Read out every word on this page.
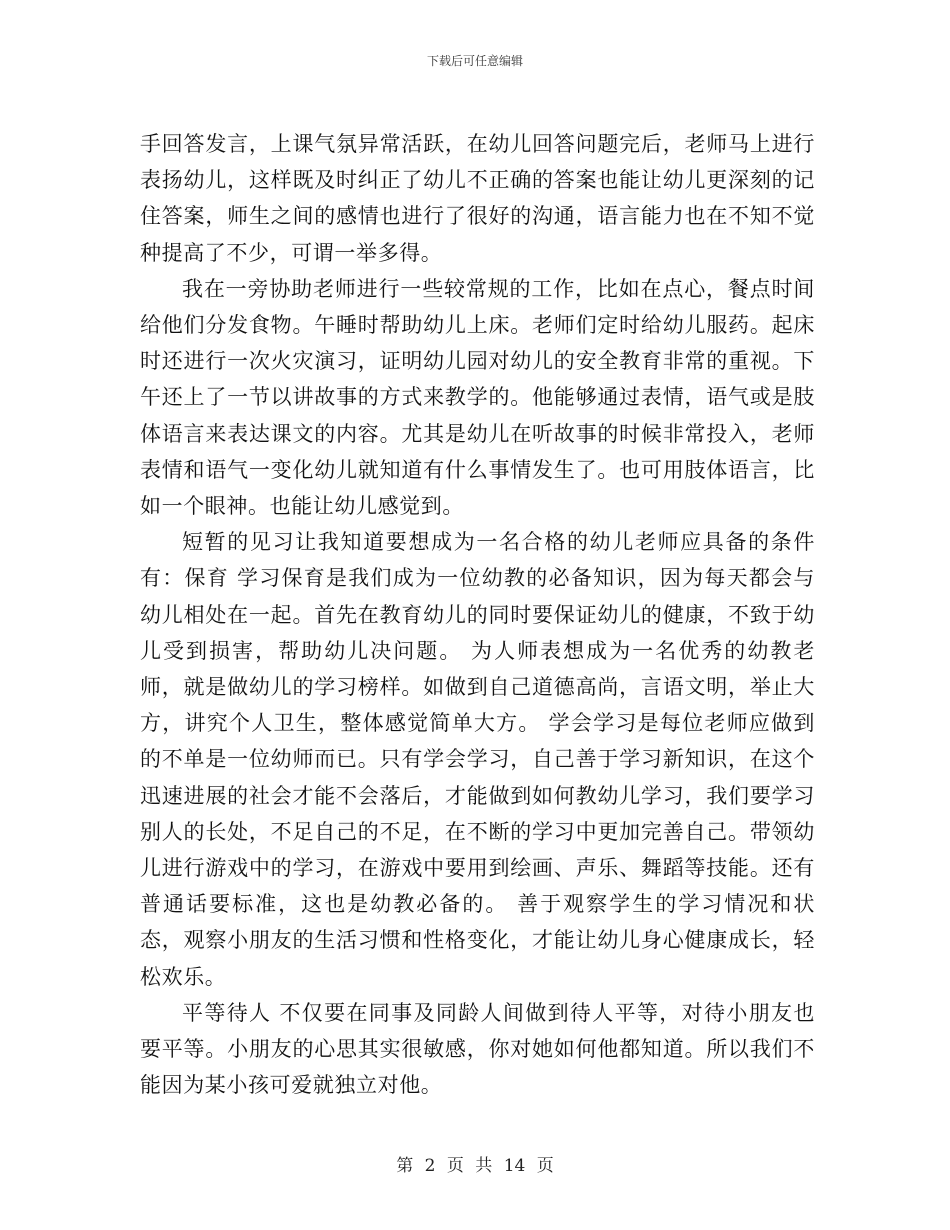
下载后可任意编辑

手回答发言，上课气氛异常活跃，在幼儿回答问题完后，老师马上进行表扬幼儿，这样既及时纠正了幼儿不正确的答案也能让幼儿更深刻的记住答案，师生之间的感情也进行了很好的沟通，语言能力也在不知不觉种提高了不少，可谓一举多得。

我在一旁协助老师进行一些较常规的工作，比如在点心，餐点时间给他们分发食物。午睡时帮助幼儿上床。老师们定时给幼儿服药。起床时还进行一次火灾演习，证明幼儿园对幼儿的安全教育非常的重视。下午还上了一节以讲故事的方式来教学的。他能够通过表情，语气或是肢体语言来表达课文的内容。尤其是幼儿在听故事的时候非常投入，老师表情和语气一变化幼儿就知道有什么事情发生了。也可用肢体语言，比如一个眼神。也能让幼儿感觉到。

短暂的见习让我知道要想成为一名合格的幼儿老师应具备的条件有：保育 学习保育是我们成为一位幼教的必备知识，因为每天都会与幼儿相处在一起。首先在教育幼儿的同时要保证幼儿的健康，不致于幼儿受到损害，帮助幼儿决问题。 为人师表想成为一名优秀的幼教老师，就是做幼儿的学习榜样。如做到自己道德高尚，言语文明，举止大方，讲究个人卫生，整体感觉简单大方。 学会学习是每位老师应做到的不单是一位幼师而已。只有学会学习，自己善于学习新知识，在这个迅速进展的社会才能不会落后，才能做到如何教幼儿学习，我们要学习别人的长处，不足自己的不足，在不断的学习中更加完善自己。带领幼儿进行游戏中的学习，在游戏中要用到绘画、声乐、舞蹈等技能。还有普通话要标准，这也是幼教必备的。 善于观察学生的学习情况和状态，观察小朋友的生活习惯和性格变化，才能让幼儿身心健康成长，轻松欢乐。

平等待人 不仅要在同事及同龄人间做到待人平等，对待小朋友也要平等。小朋友的心思其实很敏感，你对她如何他都知道。所以我们不能因为某小孩可爱就独立对他。

第 2 页 共 14 页
